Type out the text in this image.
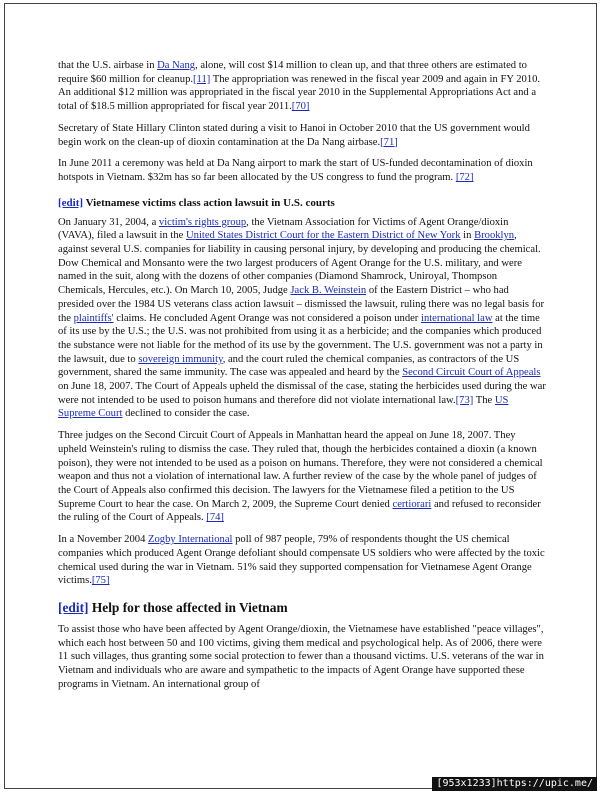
that the U.S. airbase in Da Nang, alone, will cost $14 million to clean up, and that three others are estimated to require $60 million for cleanup.[11] The appropriation was renewed in the fiscal year 2009 and again in FY 2010. An additional $12 million was appropriated in the fiscal year 2010 in the Supplemental Appropriations Act and a total of $18.5 million appropriated for fiscal year 2011.[70]

Secretary of State Hillary Clinton stated during a visit to Hanoi in October 2010 that the US government would begin work on the clean-up of dioxin contamination at the Da Nang airbase.[71]

In June 2011 a ceremony was held at Da Nang airport to mark the start of US-funded decontamination of dioxin hotspots in Vietnam. $32m has so far been allocated by the US congress to fund the program. [72]

[edit] Vietnamese victims class action lawsuit in U.S. courts

On January 31, 2004, a victim's rights group, the Vietnam Association for Victims of Agent Orange/dioxin (VAVA), filed a lawsuit in the United States District Court for the Eastern District of New York in Brooklyn, against several U.S. companies for liability in causing personal injury, by developing and producing the chemical. Dow Chemical and Monsanto were the two largest producers of Agent Orange for the U.S. military, and were named in the suit, along with the dozens of other companies (Diamond Shamrock, Uniroyal, Thompson Chemicals, Hercules, etc.). On March 10, 2005, Judge Jack B. Weinstein of the Eastern District – who had presided over the 1984 US veterans class action lawsuit – dismissed the lawsuit, ruling there was no legal basis for the plaintiffs' claims. He concluded Agent Orange was not considered a poison under international law at the time of its use by the U.S.; the U.S. was not prohibited from using it as a herbicide; and the companies which produced the substance were not liable for the method of its use by the government. The U.S. government was not a party in the lawsuit, due to sovereign immunity, and the court ruled the chemical companies, as contractors of the US government, shared the same immunity. The case was appealed and heard by the Second Circuit Court of Appeals on June 18, 2007. The Court of Appeals upheld the dismissal of the case, stating the herbicides used during the war were not intended to be used to poison humans and therefore did not violate international law.[73] The US Supreme Court declined to consider the case.

Three judges on the Second Circuit Court of Appeals in Manhattan heard the appeal on June 18, 2007. They upheld Weinstein's ruling to dismiss the case. They ruled that, though the herbicides contained a dioxin (a known poison), they were not intended to be used as a poison on humans. Therefore, they were not considered a chemical weapon and thus not a violation of international law. A further review of the case by the whole panel of judges of the Court of Appeals also confirmed this decision. The lawyers for the Vietnamese filed a petition to the US Supreme Court to hear the case. On March 2, 2009, the Supreme Court denied certiorari and refused to reconsider the ruling of the Court of Appeals. [74]

In a November 2004 Zogby International poll of 987 people, 79% of respondents thought the US chemical companies which produced Agent Orange defoliant should compensate US soldiers who were affected by the toxic chemical used during the war in Vietnam. 51% said they supported compensation for Vietnamese Agent Orange victims.[75]

[edit] Help for those affected in Vietnam

To assist those who have been affected by Agent Orange/dioxin, the Vietnamese have established "peace villages", which each host between 50 and 100 victims, giving them medical and psychological help. As of 2006, there were 11 such villages, thus granting some social protection to fewer than a thousand victims. U.S. veterans of the war in Vietnam and individuals who are aware and sympathetic to the impacts of Agent Orange have supported these programs in Vietnam. An international group of

[953x1233]https://upic.me/
